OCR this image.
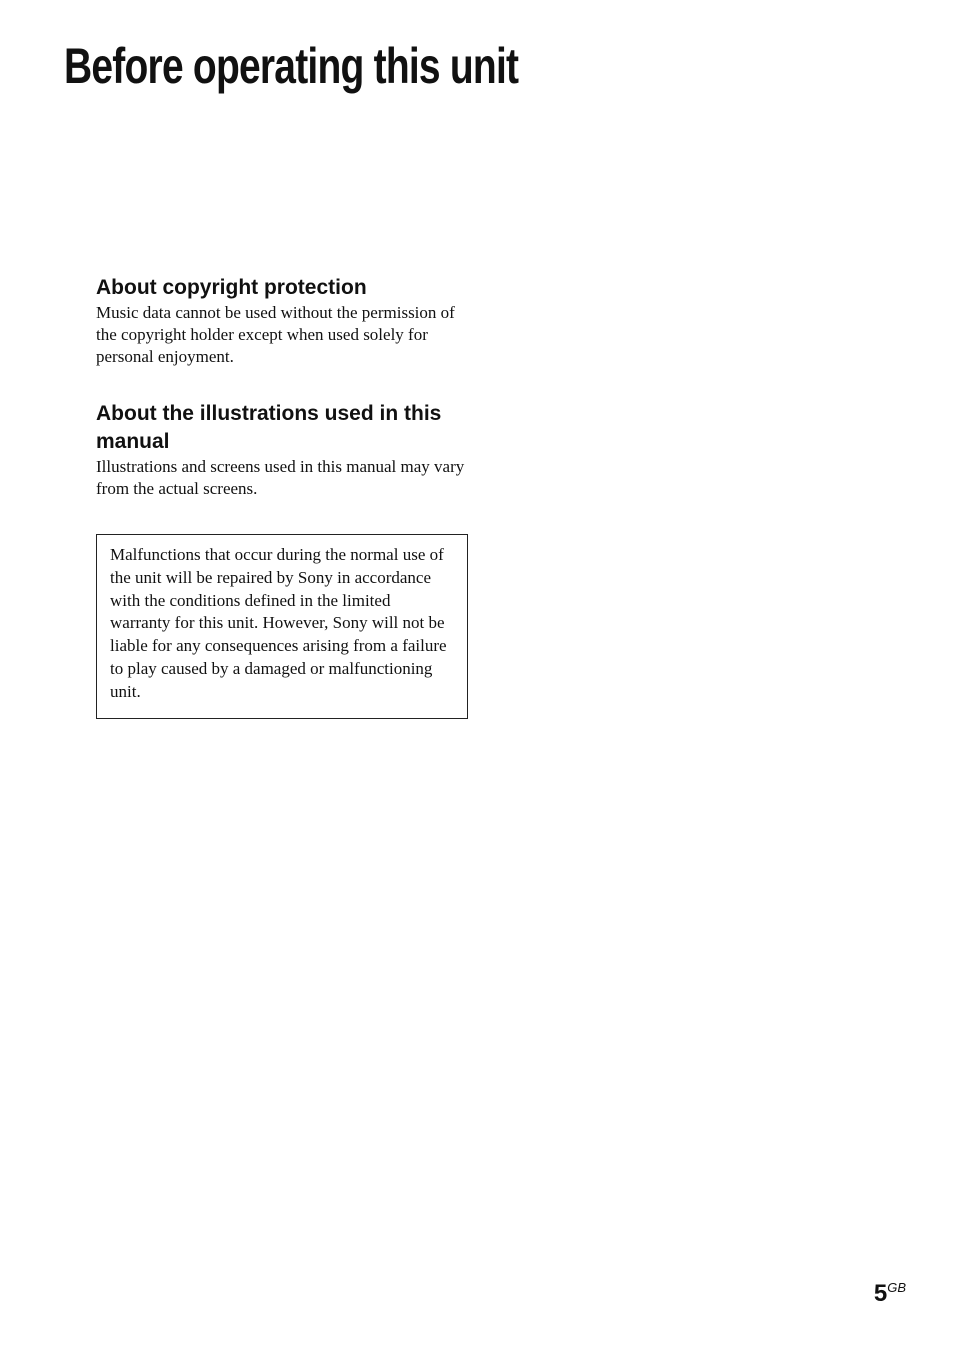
Before operating this unit
About copyright protection

Music data cannot be used without the permission of the copyright holder except when used solely for personal enjoyment.

About the illustrations used in this manual

Illustrations and screens used in this manual may vary from the actual screens.

Malfunctions that occur during the normal use of the unit will be repaired by Sony in accordance with the conditions defined in the limited warranty for this unit. However, Sony will not be liable for any consequences arising from a failure to play caused by a damaged or malfunctioning unit.

$5^{GB}$
